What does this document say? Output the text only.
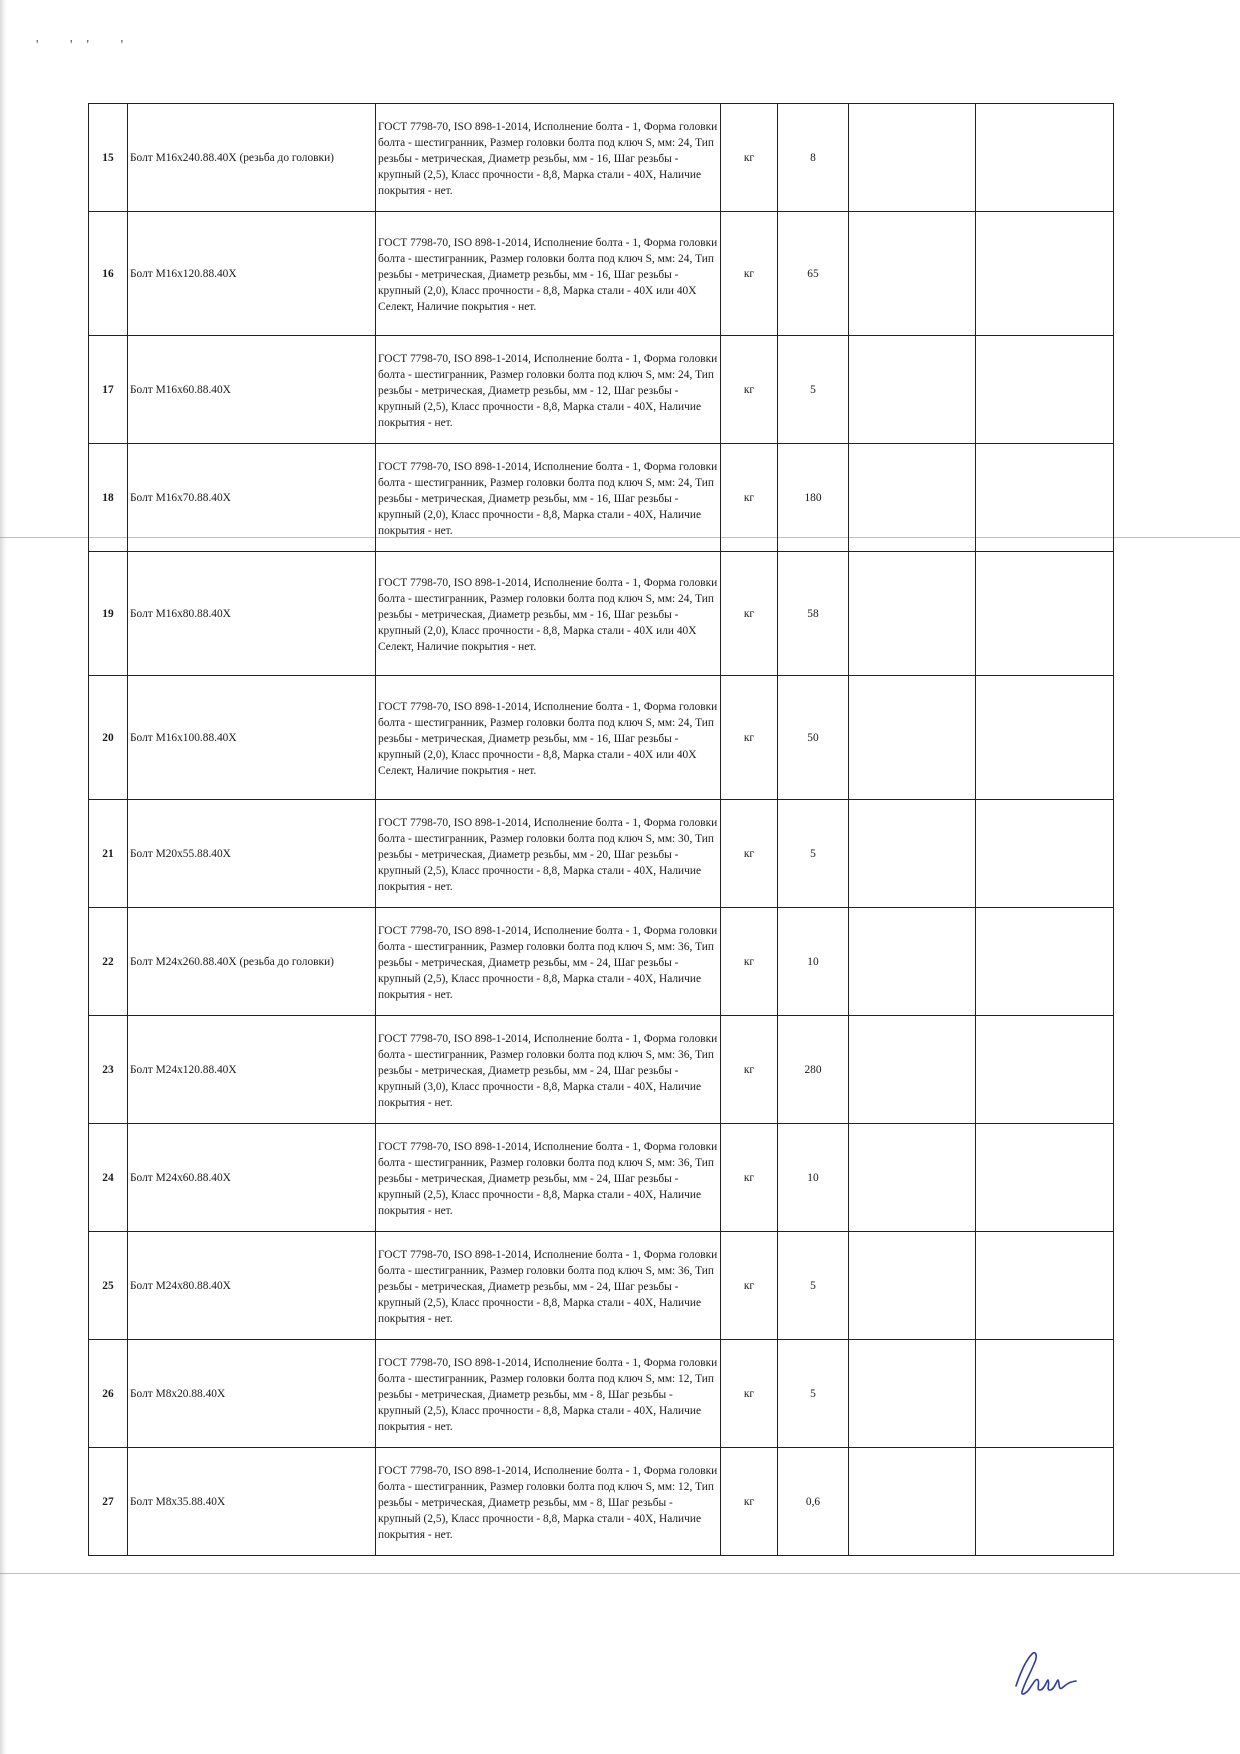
' '' '
15	Болт М16х240.88.40Х (резьба до головки)	ГОСТ 7798-70, ISO 898-1-2014, Исполнение болта - 1, Форма головки болта - шестигранник, Размер головки болта под ключ S, мм: 24, Тип резьбы - метрическая, Диаметр резьбы, мм - 16, Шаг резьбы - крупный (2,5), Класс прочности - 8,8, Марка стали - 40Х, Наличие покрытия - нет.	кг	8		
16	Болт М16х120.88.40Х	ГОСТ 7798-70, ISO 898-1-2014, Исполнение болта - 1, Форма головки болта - шестигранник, Размер головки болта под ключ S, мм: 24, Тип резьбы - метрическая, Диаметр резьбы, мм - 16, Шаг резьбы - крупный (2,0), Класс прочности - 8,8, Марка стали - 40Х или 40Х Селект, Наличие покрытия - нет.	кг	65		
17	Болт М16х60.88.40Х	ГОСТ 7798-70, ISO 898-1-2014, Исполнение болта - 1, Форма головки болта - шестигранник, Размер головки болта под ключ S, мм: 24, Тип резьбы - метрическая, Диаметр резьбы, мм - 12, Шаг резьбы - крупный (2,5), Класс прочности - 8,8, Марка стали - 40Х, Наличие покрытия - нет.	кг	5		
18	Болт М16х70.88.40Х	ГОСТ 7798-70, ISO 898-1-2014, Исполнение болта - 1, Форма головки болта - шестигранник, Размер головки болта под ключ S, мм: 24, Тип резьбы - метрическая, Диаметр резьбы, мм - 16, Шаг резьбы - крупный (2,0), Класс прочности - 8,8, Марка стали - 40Х, Наличие покрытия - нет.	кг	180		
19	Болт М16х80.88.40Х	ГОСТ 7798-70, ISO 898-1-2014, Исполнение болта - 1, Форма головки болта - шестигранник, Размер головки болта под ключ S, мм: 24, Тип резьбы - метрическая, Диаметр резьбы, мм - 16, Шаг резьбы - крупный (2,0), Класс прочности - 8,8, Марка стали - 40Х или 40Х Селект, Наличие покрытия - нет.	кг	58		
20	Болт М16х100.88.40Х	ГОСТ 7798-70, ISO 898-1-2014, Исполнение болта - 1, Форма головки болта - шестигранник, Размер головки болта под ключ S, мм: 24, Тип резьбы - метрическая, Диаметр резьбы, мм - 16, Шаг резьбы - крупный (2,0), Класс прочности - 8,8, Марка стали - 40Х или 40Х Селект, Наличие покрытия - нет.	кг	50		
21	Болт М20х55.88.40Х	ГОСТ 7798-70, ISO 898-1-2014, Исполнение болта - 1, Форма головки болта - шестигранник, Размер головки болта под ключ S, мм: 30, Тип резьбы - метрическая, Диаметр резьбы, мм - 20, Шаг резьбы - крупный (2,5), Класс прочности - 8,8, Марка стали - 40Х, Наличие покрытия - нет.	кг	5		
22	Болт М24х260.88.40Х (резьба до головки)	ГОСТ 7798-70, ISO 898-1-2014, Исполнение болта - 1, Форма головки болта - шестигранник, Размер головки болта под ключ S, мм: 36, Тип резьбы - метрическая, Диаметр резьбы, мм - 24, Шаг резьбы - крупный (2,5), Класс прочности - 8,8, Марка стали - 40Х, Наличие покрытия - нет.	кг	10		
23	Болт М24х120.88.40Х	ГОСТ 7798-70, ISO 898-1-2014, Исполнение болта - 1, Форма головки болта - шестигранник, Размер головки болта под ключ S, мм: 36, Тип резьбы - метрическая, Диаметр резьбы, мм - 24, Шаг резьбы - крупный (3,0), Класс прочности - 8,8, Марка стали - 40Х, Наличие покрытия - нет.	кг	280		
24	Болт М24х60.88.40Х	ГОСТ 7798-70, ISO 898-1-2014, Исполнение болта - 1, Форма головки болта - шестигранник, Размер головки болта под ключ S, мм: 36, Тип резьбы - метрическая, Диаметр резьбы, мм - 24, Шаг резьбы - крупный (2,5), Класс прочности - 8,8, Марка стали - 40Х, Наличие покрытия - нет.	кг	10		
25	Болт М24х80.88.40Х	ГОСТ 7798-70, ISO 898-1-2014, Исполнение болта - 1, Форма головки болта - шестигранник, Размер головки болта под ключ S, мм: 36, Тип резьбы - метрическая, Диаметр резьбы, мм - 24, Шаг резьбы - крупный (2,5), Класс прочности - 8,8, Марка стали - 40Х, Наличие покрытия - нет.	кг	5		
26	Болт М8х20.88.40Х	ГОСТ 7798-70, ISO 898-1-2014, Исполнение болта - 1, Форма головки болта - шестигранник, Размер головки болта под ключ S, мм: 12, Тип резьбы - метрическая, Диаметр резьбы, мм - 8, Шаг резьбы - крупный (2,5), Класс прочности - 8,8, Марка стали - 40Х, Наличие покрытия - нет.	кг	5		
27	Болт М8х35.88.40Х	ГОСТ 7798-70, ISO 898-1-2014, Исполнение болта - 1, Форма головки болта - шестигранник, Размер головки болта под ключ S, мм: 12, Тип резьбы - метрическая, Диаметр резьбы, мм - 8, Шаг резьбы - крупный (2,5), Класс прочности - 8,8, Марка стали - 40Х, Наличие покрытия - нет.	кг	0,6		
